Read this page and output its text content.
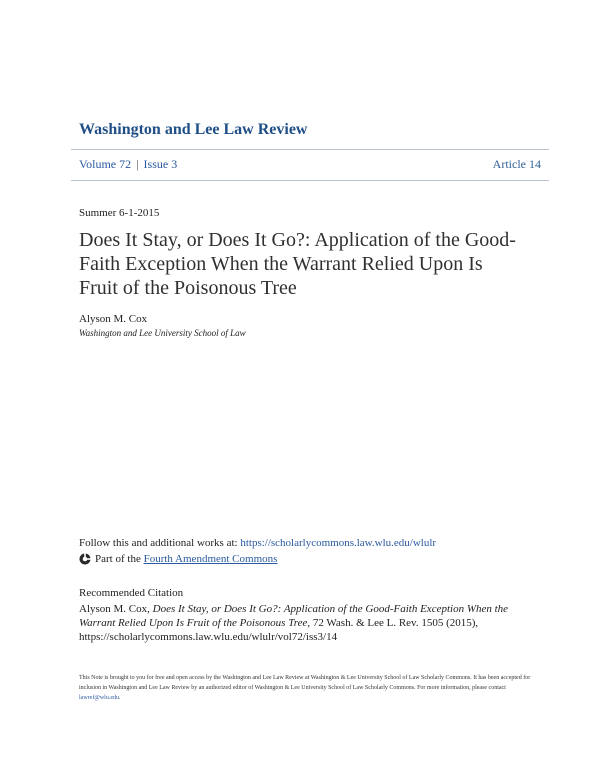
Washington and Lee Law Review
Volume 72 | Issue 3	Article 14
Summer 6-1-2015
Does It Stay, or Does It Go?: Application of the Good-Faith Exception When the Warrant Relied Upon Is Fruit of the Poisonous Tree
Alyson M. Cox
Washington and Lee University School of Law
Follow this and additional works at: https://scholarlycommons.law.wlu.edu/wlulr
Part of the
Fourth Amendment Commons
Recommended Citation

Alyson M. Cox, Does It Stay, or Does It Go?: Application of the Good-Faith Exception When the Warrant Relied Upon Is Fruit of the Poisonous Tree, 72 Wash. & Lee L. Rev. 1505 (2015),
https://scholarlycommons.law.wlu.edu/wlulr/vol72/iss3/14

This Note is brought to you for free and open access by the Washington and Lee Law Review at Washington & Lee University School of Law Scholarly Commons. It has been accepted for inclusion in Washington and Lee Law Review by an authorized editor of Washington & Lee University School of Law Scholarly Commons. For more information, please contact lawref@wlu.edu.
